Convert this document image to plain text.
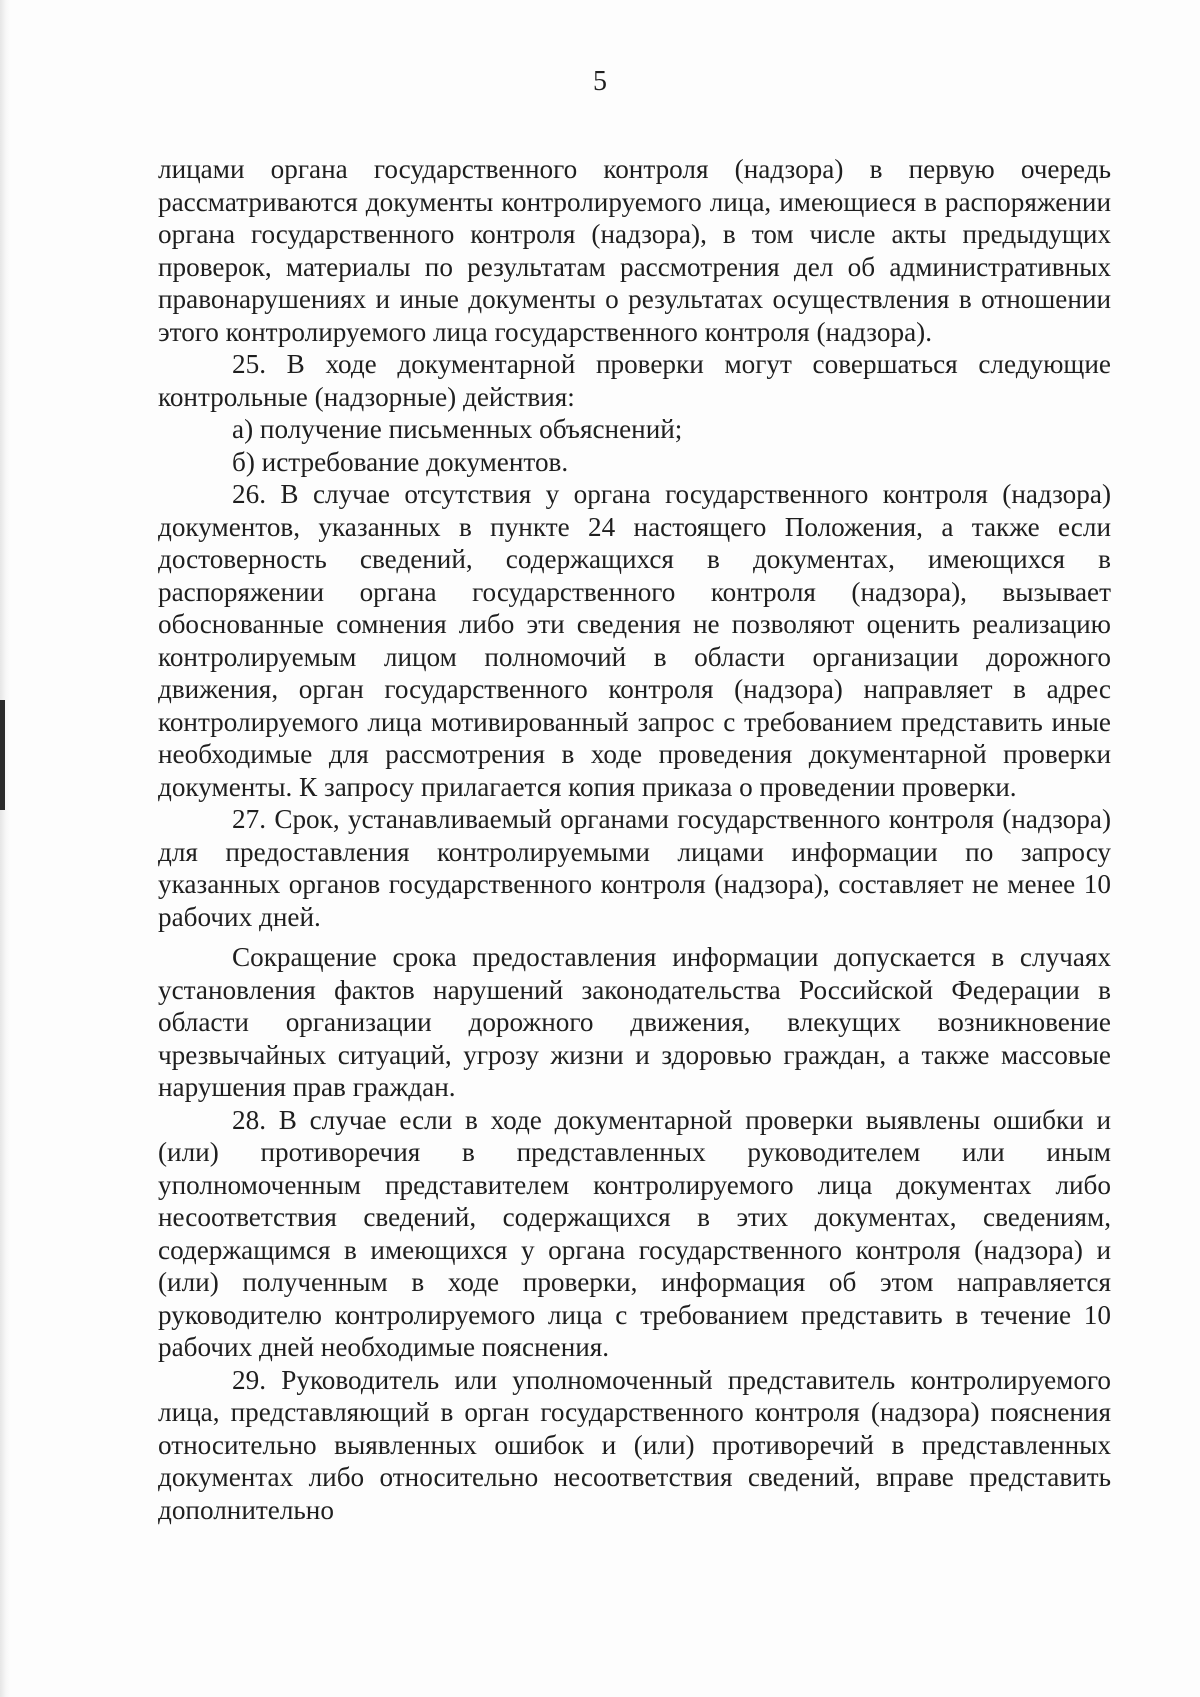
5

лицами органа государственного контроля (надзора) в первую очередь рассматриваются документы контролируемого лица, имеющиеся в распоряжении органа государственного контроля (надзора), в том числе акты предыдущих проверок, материалы по результатам рассмотрения дел об административных правонарушениях и иные документы о результатах осуществления в отношении этого контролируемого лица государственного контроля (надзора).

25. В ходе документарной проверки могут совершаться следующие контрольные (надзорные) действия:

а) получение письменных объяснений;

б) истребование документов.

26. В случае отсутствия у органа государственного контроля (надзора) документов, указанных в пункте 24 настоящего Положения, а также если достоверность сведений, содержащихся в документах, имеющихся в распоряжении органа государственного контроля (надзора), вызывает обоснованные сомнения либо эти сведения не позволяют оценить реализацию контролируемым лицом полномочий в области организации дорожного движения, орган государственного контроля (надзора) направляет в адрес контролируемого лица мотивированный запрос с требованием представить иные необходимые для рассмотрения в ходе проведения документарной проверки документы. К запросу прилагается копия приказа о проведении проверки.

27. Срок, устанавливаемый органами государственного контроля (надзора) для предоставления контролируемыми лицами информации по запросу указанных органов государственного контроля (надзора), составляет не менее 10 рабочих дней.

Сокращение срока предоставления информации допускается в случаях установления фактов нарушений законодательства Российской Федерации в области организации дорожного движения, влекущих возникновение чрезвычайных ситуаций, угрозу жизни и здоровью граждан, а также массовые нарушения прав граждан.

28. В случае если в ходе документарной проверки выявлены ошибки и (или) противоречия в представленных руководителем или иным уполномоченным представителем контролируемого лица документах либо несоответствия сведений, содержащихся в этих документах, сведениям, содержащимся в имеющихся у органа государственного контроля (надзора) и (или) полученным в ходе проверки, информация об этом направляется руководителю контролируемого лица с требованием представить в течение 10 рабочих дней необходимые пояснения.

29. Руководитель или уполномоченный представитель контролируемого лица, представляющий в орган государственного контроля (надзора) пояснения относительно выявленных ошибок и (или) противоречий в представленных документах либо относительно несоответствия сведений, вправе представить дополнительно
